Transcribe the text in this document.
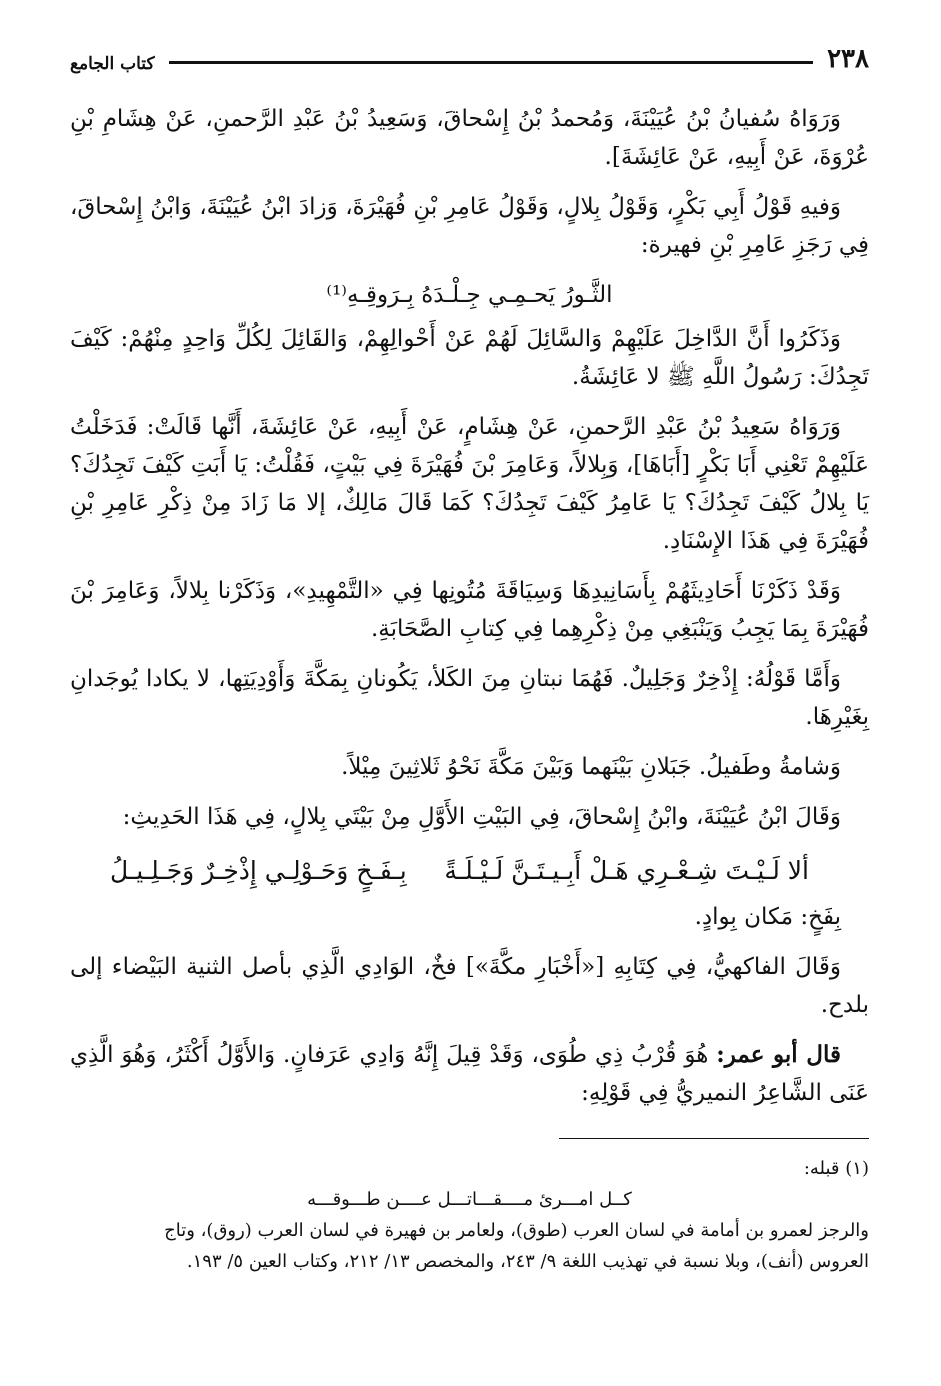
٢٣٨
كتاب الجامع

وَرَوَاهُ سُفيانُ بْنُ عُيَيْنَةَ، وَمُحمدُ بْنُ إِسْحاقَ، وَسَعِيدُ بْنُ عَبْدِ الرَّحمنِ، عَنْ هِشَامِ بْنِ عُرْوَةَ، عَنْ أَبِيهِ، عَنْ عَائِشَةَ].

وَفيهِ قَوْلُ أَبِي بَكْرٍ، وَقَوْلُ بِلالٍ، وَقَوْلُ عَامِرِ بْنِ فُهَيْرَةَ، وَزادَ ابْنُ عُيَيْنَةَ، وَابْنُ إِسْحاقَ، فِي رَجَزِ عَامِرِ بْنِ فهيرة:

الثَّـورُ يَحـمِـي جِـلْـدَهُ بِـرَوقِـهِ⁽¹⁾

وَذَكَرُوا أَنَّ الدَّاخِلَ عَلَيْهِمْ وَالسَّائِلَ لَهُمْ عَنْ أَحْوالِهِمْ، وَالقَائِلَ لِكُلِّ وَاحِدٍ مِنْهُمْ: كَيْفَ تَجِدُكَ: رَسُولُ اللَّهِ ﷺ لا عَائِشَةُ.

وَرَوَاهُ سَعِيدُ بْنُ عَبْدِ الرَّحمنِ، عَنْ هِشَامٍ، عَنْ أَبِيهِ، عَنْ عَائِشَةَ، أَنَّها قَالَتْ: فَدَخَلْتُ عَلَيْهِمْ تَعْنِي أَبَا بَكْرٍ [أَبَاهَا]، وَبِلالاً، وَعَامِرَ بْنَ فُهَيْرَةَ فِي بَيْتٍ، فَقُلْتُ: يَا أَبَتِ كَيْفَ تَجِدُكَ؟ يَا بِلالُ كَيْفَ تَجِدُكَ؟ يَا عَامِرُ كَيْفَ تَجِدُكَ؟ كَمَا قَالَ مَالِكٌ، إلا مَا زَادَ مِنْ ذِكْرِ عَامِرِ بْنِ فُهَيْرَةَ فِي هَذَا الإِسْنَادِ.

وَقَدْ ذَكَرْنَا أَحَادِيثَهُمْ بِأَسَانِيدِهَا وَسِيَاقَةَ مُتُونِها فِي «التَّمْهِيدِ»، وَذَكَرْنا بِلالاً، وَعَامِرَ بْنَ فُهَيْرَةَ بِمَا يَجِبُ وَيَنْبَغِي مِنْ ذِكْرِهِما فِي كِتابِ الصَّحَابَةِ.

وَأَمَّا قَوْلُهُ: إِذْخِرٌ وَجَلِيلٌ. فَهُمَا نبتانِ مِنَ الكَلأ، يَكُونانِ بِمَكَّةَ وَأَوْدِيَتِها، لا يكادا يُوجَدانِ بِغَيْرِهَا.

وَشامةُ وطَفيلُ. جَبَلانِ بَيْنَهما وَبَيْنَ مَكَّةَ نَحْوُ ثَلاثِينَ مِيْلاً.

وَقَالَ ابْنُ عُيَيْنَةَ، وابْنُ إِسْحاقَ، فِي البَيْتِ الأَوَّلِ مِنْ بَيْتَي بِلالٍ، فِي هَذَا الحَدِيثِ:

ألا لَـيْـتَ شِـعْـرِي هَـلْ أَبِـيـتَـنَّ لَـيْـلَـةً
بِـفَـخٍ وَحَـوْلِـي إِذْخِـرٌ وَجَـلِـيـلُ

بِفَخٍ: مَكان بِوادٍ.

وَقَالَ الفاكهيُّ، فِي كِتَابِهِ [«أَخْبَارِ مكَّةَ»] فخٌ، الوَادِي الَّذِي بأصل الثنية البَيْضاء إلى بلدح.

قال أبو عمر: هُوَ قُرْبُ ذِي طُوَى، وَقَدْ قِيلَ إِنَّهُ وَادِي عَرَفانٍ. وَالأَوَّلُ أَكْثَرُ، وَهُوَ الَّذِي عَنَى الشَّاعِرُ النميريُّ فِي قَوْلِهِ:

(١) قبله:
كــل امـــرئ مــــقـــاتـــل عــــن طـــوقـــه
والرجز لعمرو بن أمامة في لسان العرب (طوق)، ولعامر بن فهيرة في لسان العرب (روق)، وتاج
العروس (أنف)، وبلا نسبة في تهذيب اللغة ٩/ ٢٤٣، والمخصص ١٣/ ٢١٢، وكتاب العين ٥/ ١٩٣.
